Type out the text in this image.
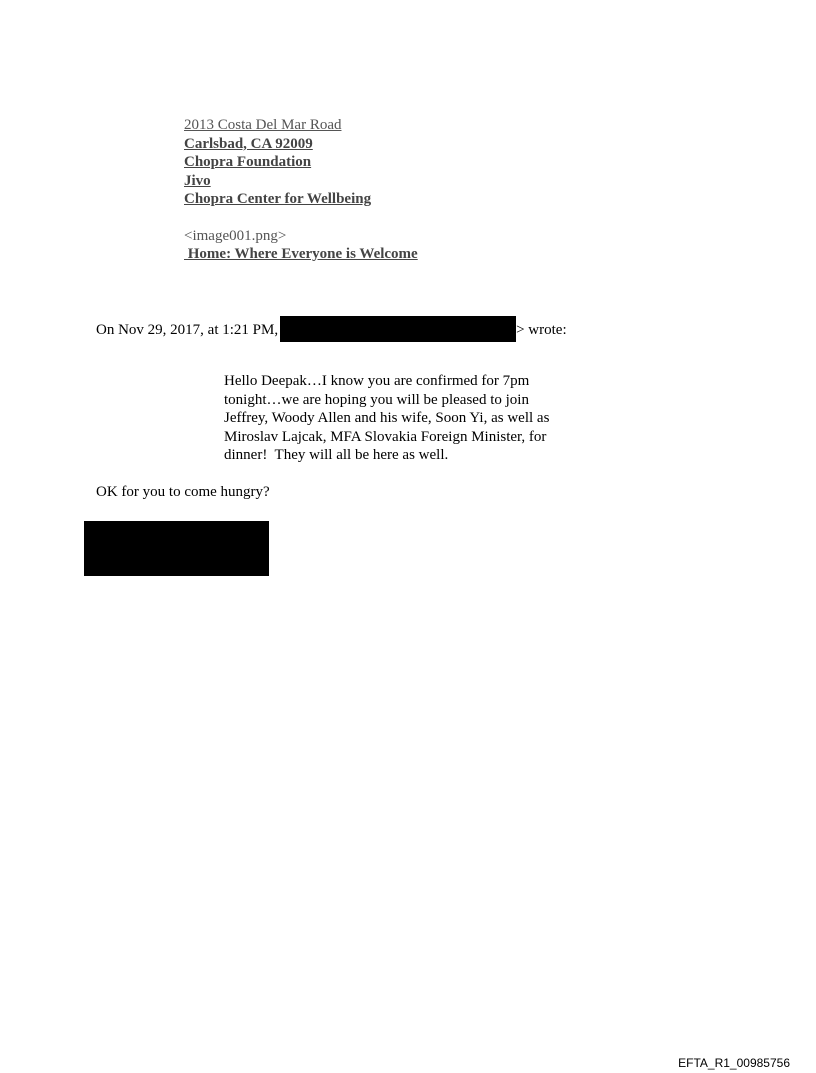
2013 Costa Del Mar Road
Carlsbad, CA 92009
Chopra Foundation
Jivo
Chopra Center for Wellbeing
<image001.png>
Home: Where Everyone is Welcome
On Nov 29, 2017, at 1:21 PM,	> wrote:
Hello Deepak…I know you are confirmed for 7pm
tonight…we are hoping you will be pleased to join
Jeffrey, Woody Allen and his wife, Soon Yi, as well as
Miroslav Lajcak, MFA Slovakia Foreign Minister, for
dinner!  They will all be here as well.
OK for you to come hungry?
EFTA_R1_00985756
